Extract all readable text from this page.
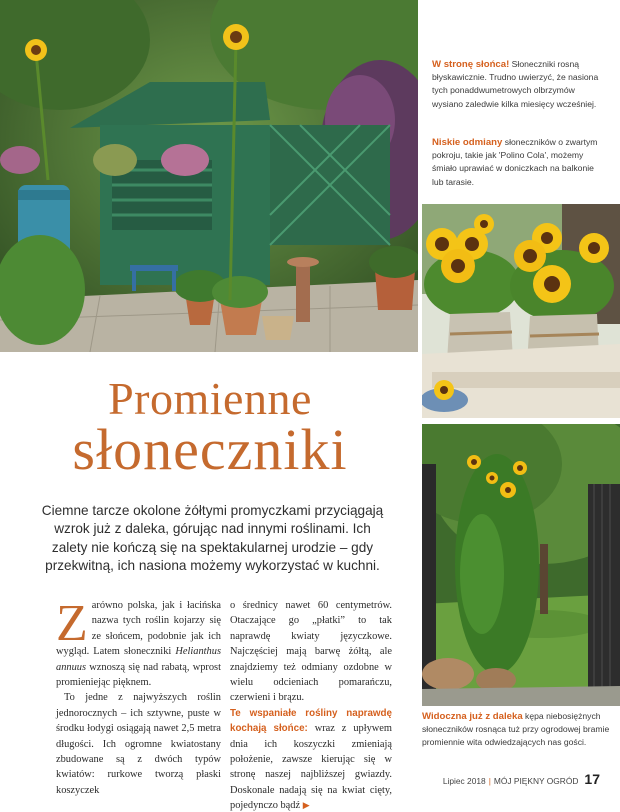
W stronę słońca! Słoneczniki rosną błyskawicznie. Trudno uwierzyć, że nasiona tych ponaddwumetrowych olbrzymów wysiano zaledwie kilka miesięcy wcześniej.
Niskie odmiany słoneczników o zwartym pokroju, takie jak 'Polino Cola', możemy śmiało uprawiać w doniczkach na balkonie lub tarasie.
Widoczna już z daleka kępa niebosiężnych słoneczników rosnąca tuż przy ogrodowej bramie promiennie wita odwiedzających nas gości.
Promienne
słoneczniki
Ciemne tarcze okolone żółtymi promyczkami przyciągają wzrok już z daleka, górując nad innymi roślinami. Ich zalety nie kończą się na spektakularnej urodzie – gdy przekwitną, ich nasiona możemy wykorzystać w kuchni.

Zarówno polska, jak i łacińska nazwa tych roślin kojarzy się ze słońcem, podobnie jak ich wygląd. Latem słoneczniki Helianthus annuus wznoszą się nad rabatą, wprost promieniejąc pięknem.

To jedne z najwyższych roślin jednorocznych – ich sztywne, puste w środku łodygi osiągają nawet 2,5 metra długości. Ich ogromne kwiatostany zbudowane są z dwóch typów kwiatów: rurkowe tworzą płaski koszyczek

o średnicy nawet 60 centymetrów. Otaczające go „płatki” to tak naprawdę kwiaty języczkowe. Najczęściej mają barwę żółtą, ale znajdziemy też odmiany ozdobne w wielu odcieniach pomarańczu, czerwieni i brązu.

Te wspaniałe rośliny naprawdę kochają słońce: wraz z upływem dnia ich koszyczki zmieniają położenie, zawsze kierując się w stronę naszej najbliższej gwiazdy. Doskonale nadają się na kwiat cięty, pojedynczo bądź ▶

Lipiec 2018 | MÓJ PIĘKNY OGRÓD 17
